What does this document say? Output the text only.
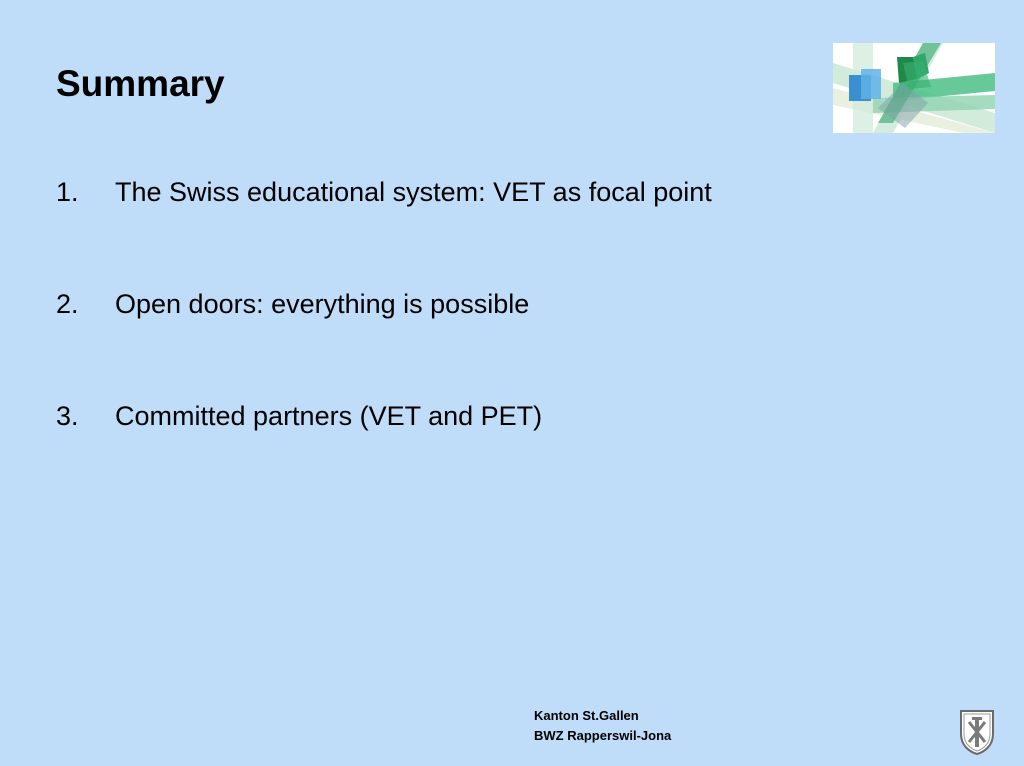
Summary
1.	The Swiss educational system: VET as focal point
2.	Open doors: everything is possible
3.	Committed partners (VET and PET)
Kanton St.Gallen
BWZ Rapperswil-Jona
